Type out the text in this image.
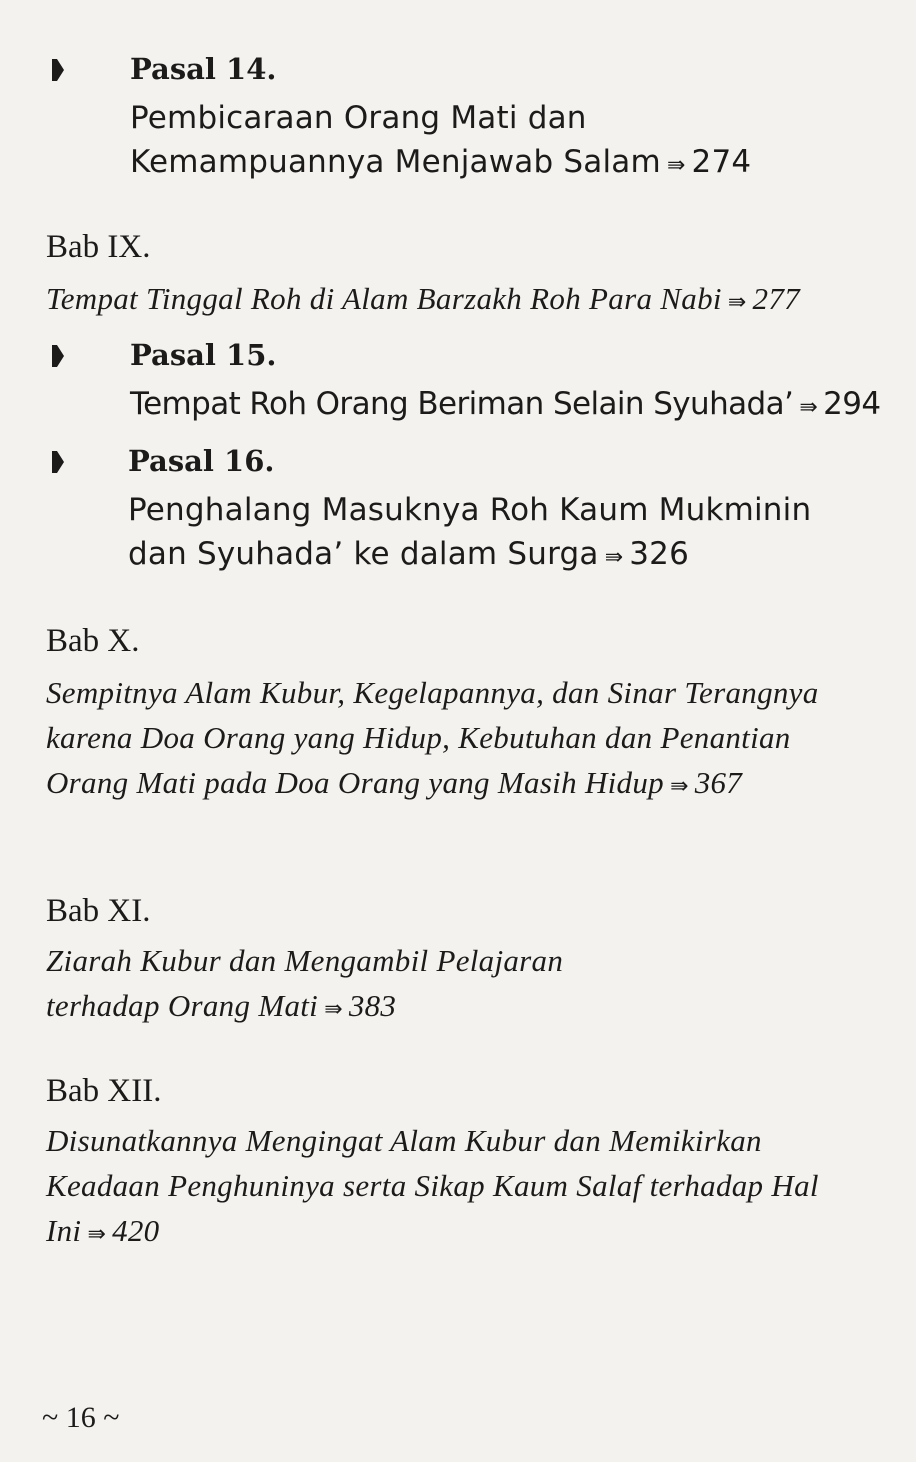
Pasal 14.

Pembicaraan Orang Mati dan Kemampuannya Menjawab Salam ⇛ 274

Bab IX.

Tempat Tinggal Roh di Alam Barzakh Roh Para Nabi ⇛ 277

Pasal 15.

Tempat Roh Orang Beriman Selain Syuhada’ ⇛ 294

Pasal 16.

Penghalang Masuknya Roh Kaum Mukminin dan Syuhada’ ke dalam Surga ⇛ 326

Bab X.

Sempitnya Alam Kubur, Kegelapannya, dan Sinar Terangnya karena Doa Orang yang Hidup, Kebutuhan dan Penantian Orang Mati pada Doa Orang yang Masih Hidup ⇛ 367

Bab XI.

Ziarah Kubur dan Mengambil Pelajaran terhadap Orang Mati ⇛ 383

Bab XII.

Disunatkannya Mengingat Alam Kubur dan Memikirkan Keadaan Penghuninya serta Sikap Kaum Salaf terhadap Hal Ini ⇛ 420

~ 16 ~
